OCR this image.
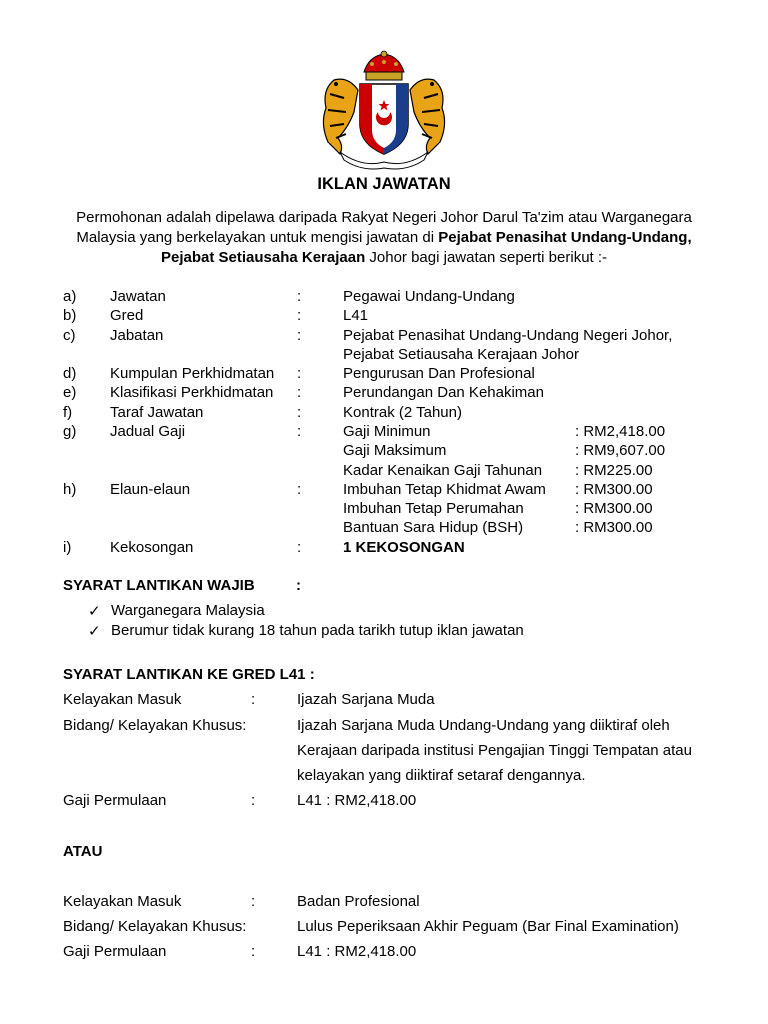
IKLAN JAWATAN
Permohonan adalah dipelawa daripada Rakyat Negeri Johor Darul Ta'zim atau Warganegara Malaysia yang berkelayakan untuk mengisi jawatan di Pejabat Penasihat Undang-Undang, Pejabat Setiausaha Kerajaan Johor bagi jawatan seperti berikut :-
a) Jawatan	:	Pegawai Undang-Undang
b) Gred	:	L41
c) Jabatan	:	Pejabat Penasihat Undang-Undang Negeri Johor,
Pejabat Setiausaha Kerajaan Johor
d) Kumpulan Perkhidmatan :	Pengurusan Dan Profesional
e) Klasifikasi Perkhidmatan :	Perundangan Dan Kehakiman
f)	Taraf Jawatan	:	Kontrak (2 Tahun)
g) Jadual Gaji	:	Gaji Minimun	: RM2,418.00
Gaji Maksimum	: RM9,607.00
Kadar Kenaikan Gaji Tahunan : RM225.00
h) Elaun-elaun	:	Imbuhan Tetap Khidmat Awam : RM300.00
Imbuhan Tetap Perumahan	: RM300.00
Bantuan Sara Hidup (BSH)	: RM300.00
i)	Kekosongan	:	1 KEKOSONGAN
SYARAT LANTIKAN WAJIB	:
✓ Warganegara Malaysia
✓ Berumur tidak kurang 18 tahun pada tarikh tutup iklan jawatan
SYARAT LANTIKAN KE GRED L41 :
Kelayakan Masuk	:	Ijazah Sarjana Muda
Bidang/ Kelayakan Khusus:	Ijazah Sarjana Muda Undang-Undang yang diiktiraf oleh
Kerajaan daripada institusi Pengajian Tinggi Tempatan atau
kelayakan yang diiktiraf setaraf dengannya.
Gaji Permulaan	:	L41 : RM2,418.00
ATAU
Kelayakan Masuk	:	Badan Profesional
Bidang/ Kelayakan Khusus:	Lulus Peperiksaan Akhir Peguam (Bar Final Examination)
Gaji Permulaan	:	L41 : RM2,418.00
